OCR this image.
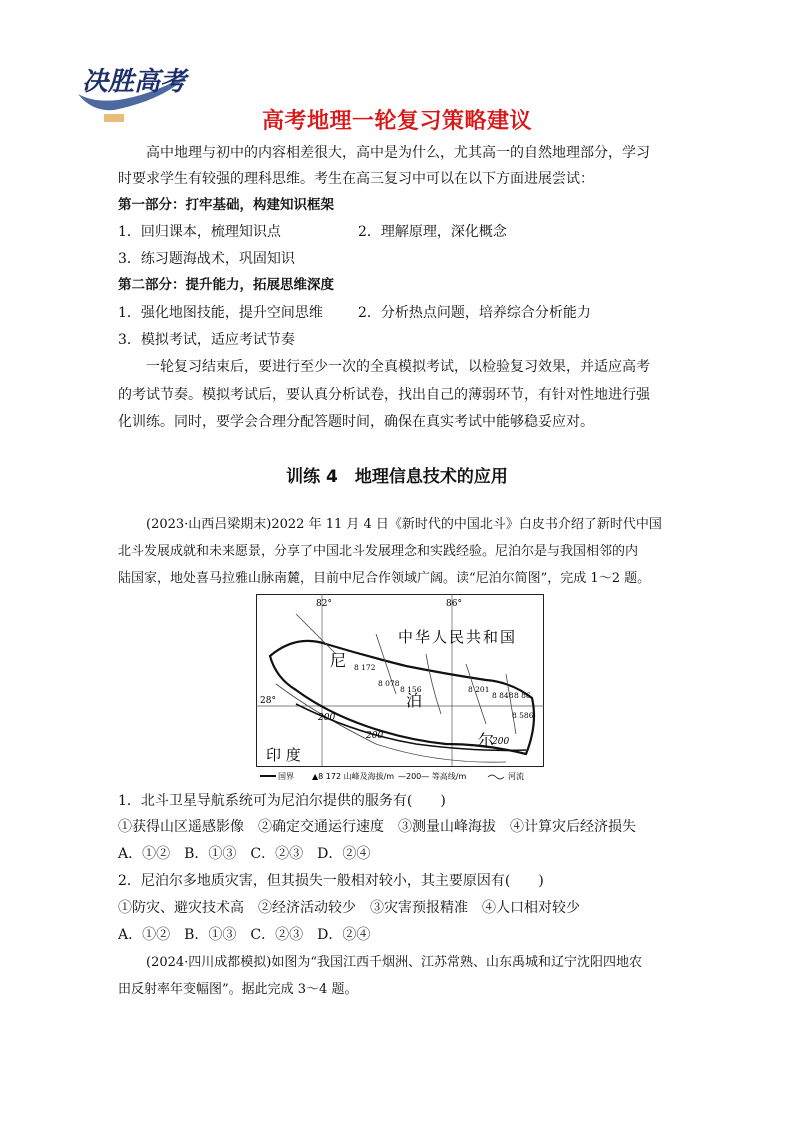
决胜高考
高考地理一轮复习策略建议
高中地理与初中的内容相差很大，高中是为什么，尤其高一的自然地理部分，学习
时要求学生有较强的理科思维。考生在高三复习中可以在以下方面进展尝试：
第一部分：打牢基础，构建知识框架
1．回归课本，梳理知识点	2．理解原理，深化概念
3．练习题海战术，巩固知识
第二部分：提升能力，拓展思维深度
1．强化地图技能，提升空间思维	2．分析热点问题，培养综合分析能力
3．模拟考试，适应考试节奏
一轮复习结束后，要进行至少一次的全真模拟考试，以检验复习效果，并适应高考
的考试节奏。模拟考试后，要认真分析试卷，找出自己的薄弱环节，有针对性地进行强
化训练。同时，要学会合理分配答题时间，确保在真实考试中能够稳妥应对。
训练 4　地理信息技术的应用
(2023·山西吕梁期末)2022 年 11 月 4 日《新时代的中国北斗》白皮书介绍了新时代中国
北斗发展成就和未来愿景，分享了中国北斗发展理念和实践经验。尼泊尔是与我国相邻的内
陆国家，地处喜马拉雅山脉南麓，目前中尼合作领域广阔。读“尼泊尔简图”，完成 1～2 题。
82°	86°
28°
200
200
200
中华人民共和国
尼
泊
尔
印 度
8 172
8 078
8 156	8 201
8 848 8 86
8 586
国界 ▲8 172 山峰及海拔/m —200— 等高线/m	河流
1．北斗卫星导航系统可为尼泊尔提供的服务有(　　)
①获得山区遥感影像　②确定交通运行速度　③测量山峰海拔　④计算灾后经济损失
A．①②　B．①③　C．②③　D．②④
2．尼泊尔多地质灾害，但其损失一般相对较小，其主要原因有(　　)
①防灾、避灾技术高　②经济活动较少　③灾害预报精准　④人口相对较少
A．①②　B．①③　C．②③　D．②④
(2024·四川成都模拟)如图为“我国江西千烟洲、江苏常熟、山东禹城和辽宁沈阳四地农
田反射率年变幅图”。据此完成 3～4 题。
